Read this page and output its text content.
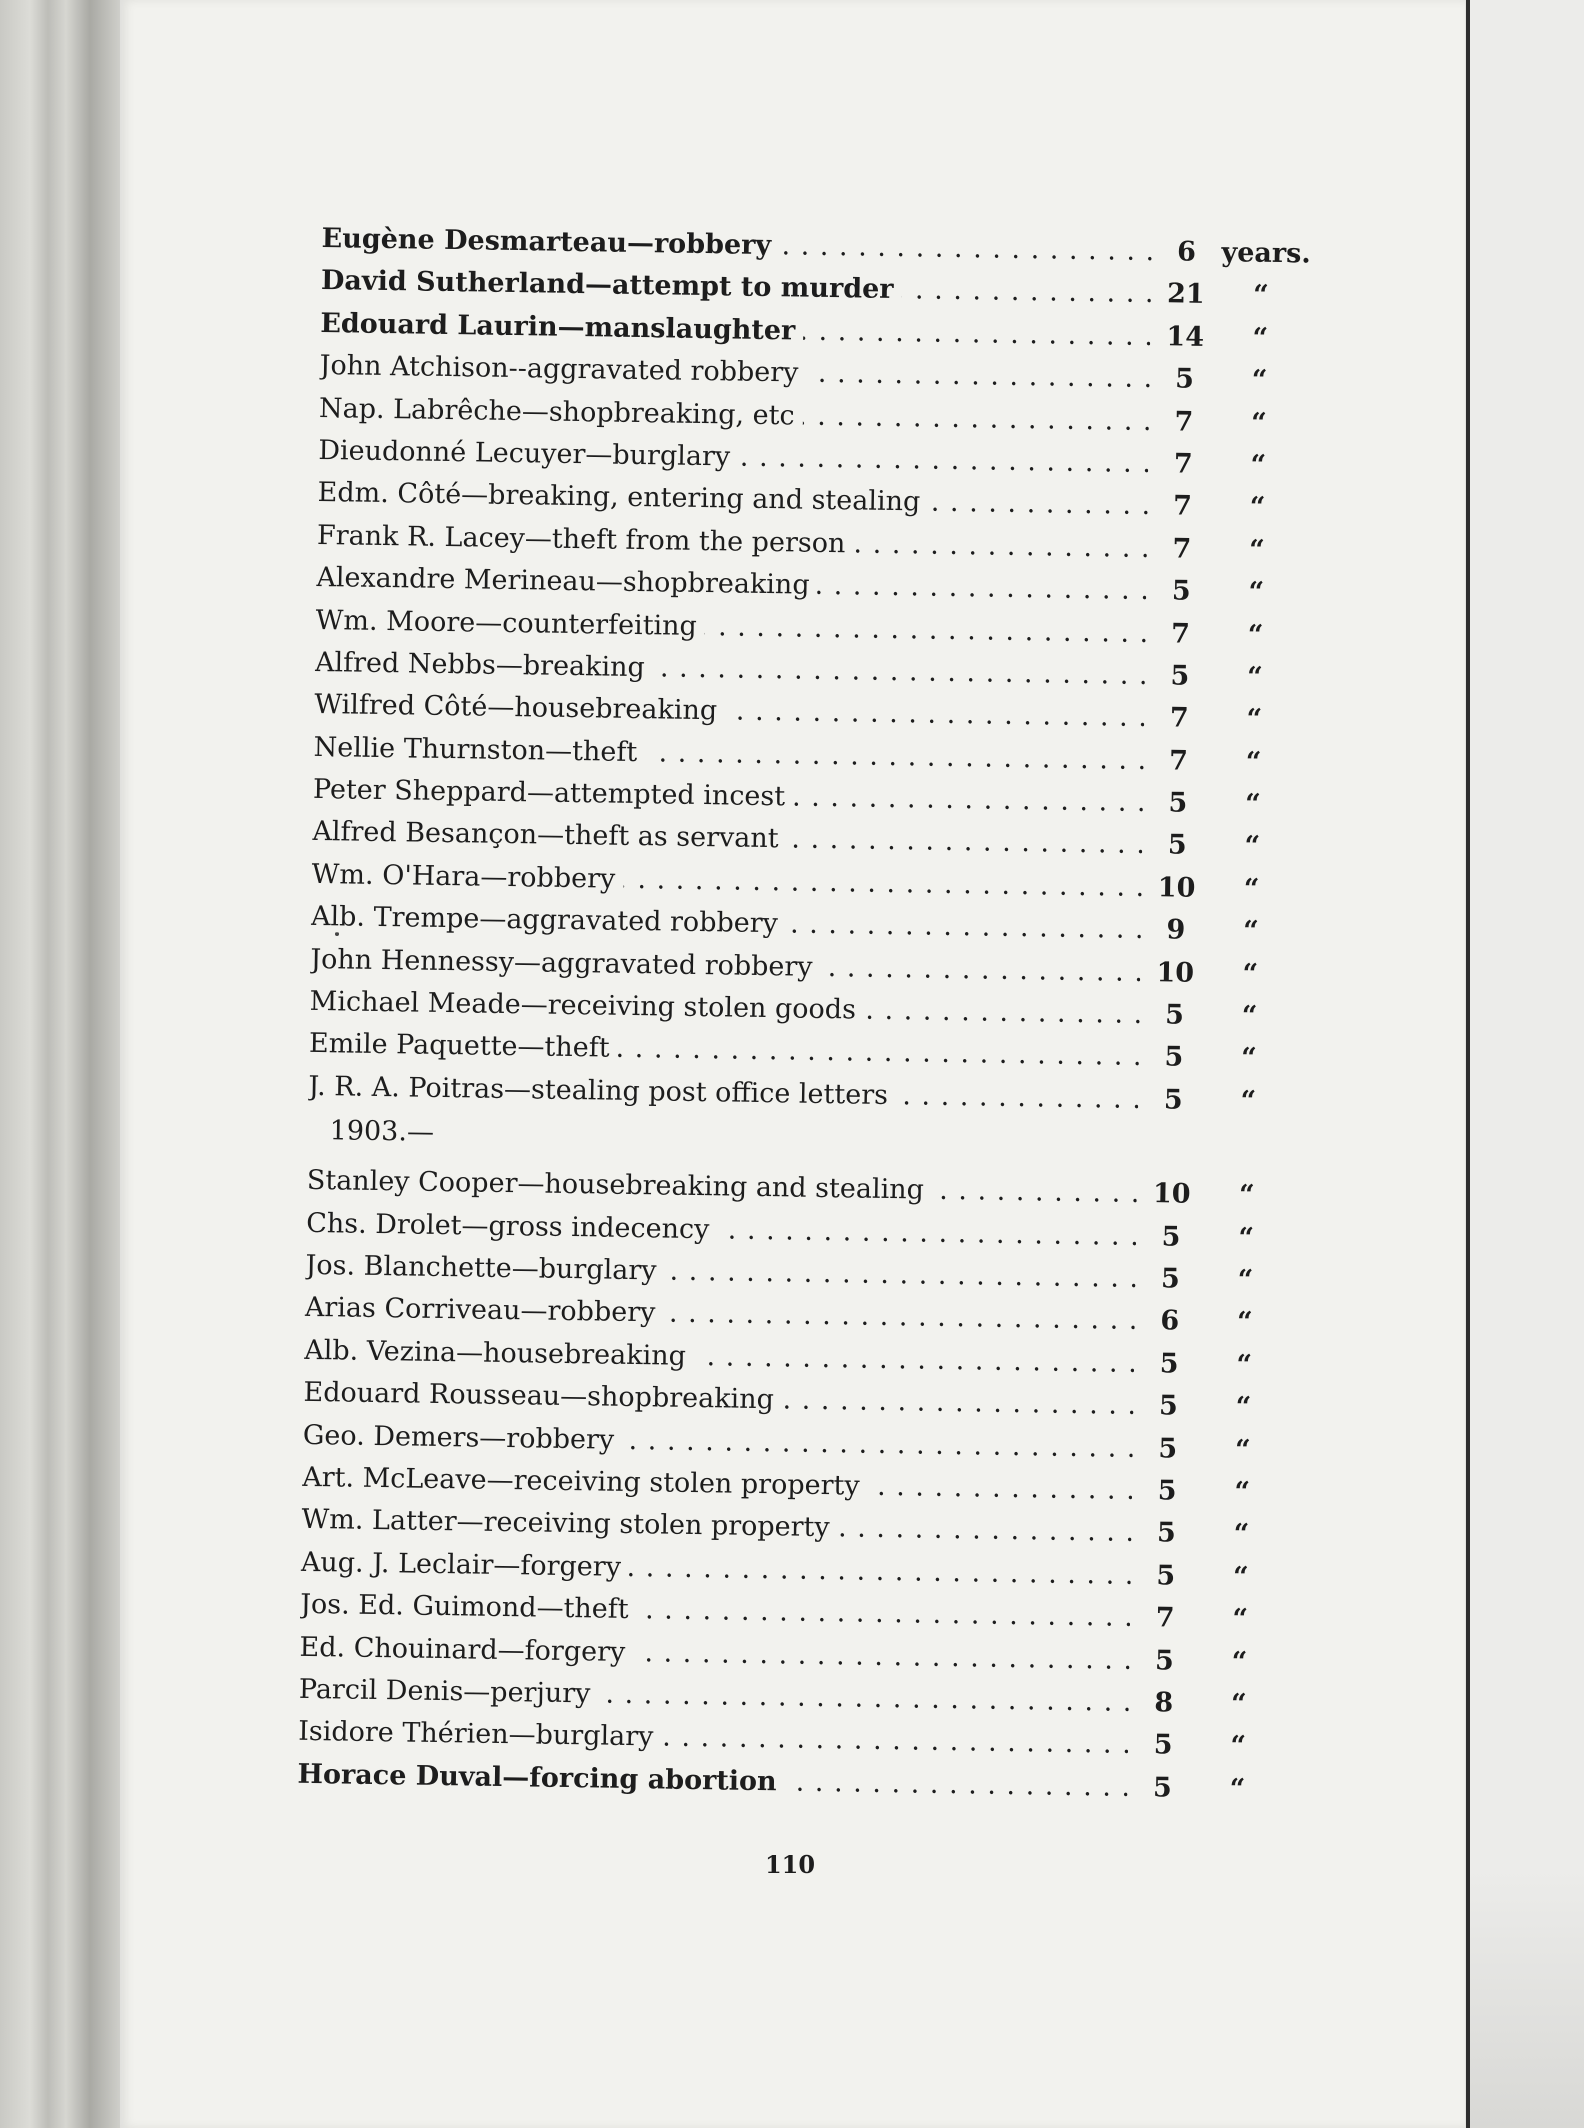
Eugène Desmarteau—robbery . . .	6 years.
David Sutherland—attempt to murder . . .	21	“
Edouard Laurin—manslaughter . . .	14	“
John Atchison--aggravated robbery . . .	5	“
Nap. Labrêche—shopbreaking, etc . . .	7	“
Dieudonné Lecuyer—burglary . . .	7	“
Edm. Côté—breaking, entering and stealing . . .	7	“
Frank R. Lacey—theft from the person . . .	7	“
Alexandre Merineau—shopbreaking . . .	5	“
Wm. Moore—counterfeiting . . .	7	“
Alfred Nebbs—breaking . . .	5	“
Wilfred Côté—housebreaking . . .	7	“
Nellie Thurnston—theft . . .	7	“
Peter Sheppard—attempted incest . . .	5	“
Alfred Besançon—theft as servant . . .	5	“
Wm. O'Hara—robbery . . .	10	“
Alb. Trempe—aggravated robbery . . .	9	“
John Hennessy—aggravated robbery . . .	10	“
Michael Meade—receiving stolen goods . . .	5	“
Emile Paquette—theft . . .	5	“
J. R. A. Poitras—stealing post office letters . . .	5	“
1903.—
Stanley Cooper—housebreaking and stealing . . .	10	“
Chs. Drolet—gross indecency . . .	5	“
Jos. Blanchette—burglary . . .	5	“
Arias Corriveau—robbery . . .	6	“
Alb. Vezina—housebreaking . . .	5	“
Edouard Rousseau—shopbreaking . . .	5	“
Geo. Demers—robbery . . .	5	“
Art. McLeave—receiving stolen property . . .	5	“
Wm. Latter—receiving stolen property . . .	5	“
Aug. J. Leclair—forgery . . .	5	“
Jos. Ed. Guimond—theft . . .	7	“
Ed. Chouinard—forgery . . .	5	“
Parcil Denis—perjury . . .	8	“
Isidore Thérien—burglary . . .	5	“
Horace Duval—forcing abortion . . .	5	“
110
